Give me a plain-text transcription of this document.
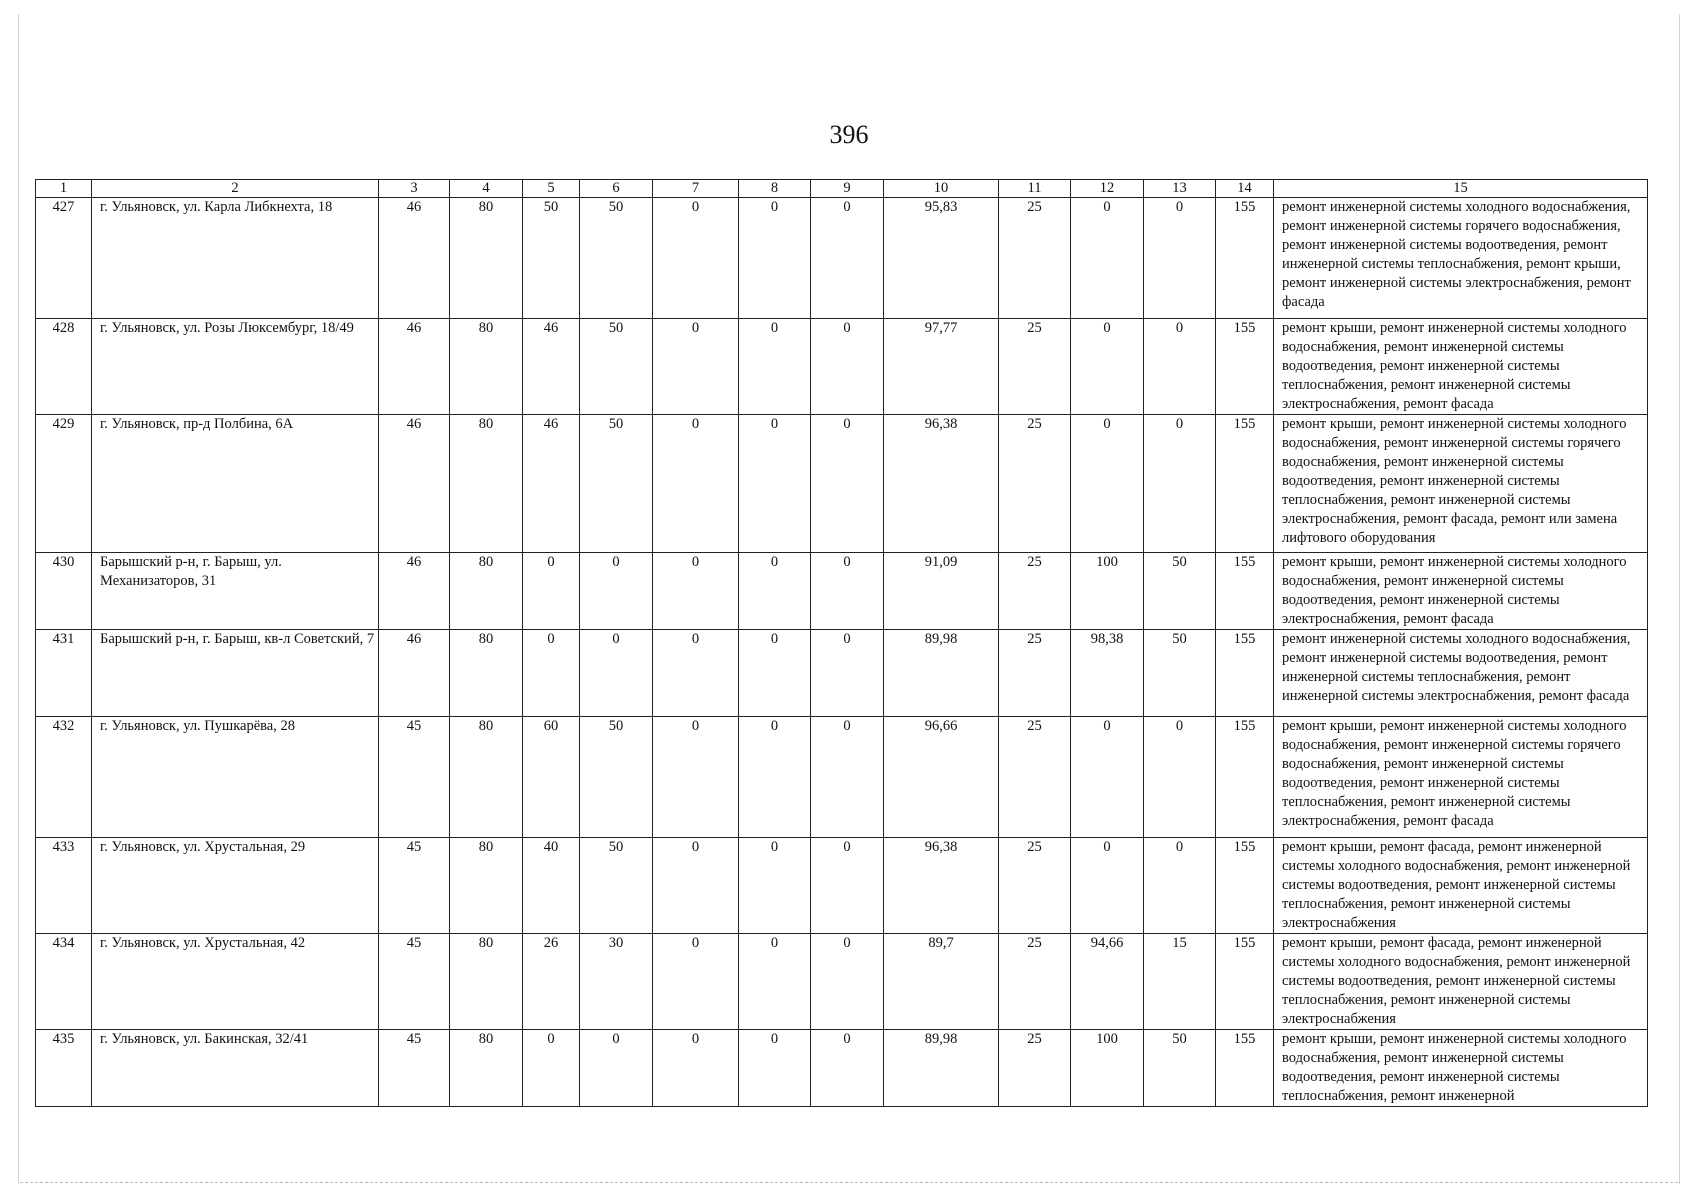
396
1	2	3	4	5	6	7	8	9	10	11	12	13	14	15
427	г. Ульяновск, ул. Карла Либкнехта, 18	46	80	50	50	0	0	0	95,83	25	0	0	155	ремонт инженерной системы холодного водоснабжения, ремонт инженерной системы горячего водоснабжения, ремонт инженерной системы водоотведения, ремонт инженерной системы теплоснабжения, ремонт крыши, ремонт инженерной системы электроснабжения, ремонт фасада
428	г. Ульяновск, ул. Розы Люксембург, 18/49	46	80	46	50	0	0	0	97,77	25	0	0	155	ремонт крыши, ремонт инженерной системы холодного водоснабжения, ремонт инженерной системы водоотведения, ремонт инженерной системы теплоснабжения, ремонт инженерной системы электроснабжения, ремонт фасада
429	г. Ульяновск, пр-д Полбина, 6А	46	80	46	50	0	0	0	96,38	25	0	0	155	ремонт крыши, ремонт инженерной системы холодного водоснабжения, ремонт инженерной системы горячего водоснабжения, ремонт инженерной системы водоотведения, ремонт инженерной системы теплоснабжения, ремонт инженерной системы электроснабжения, ремонт фасада, ремонт или замена лифтового оборудования
430	Барышский р-н, г. Барыш, ул. Механизаторов, 31	46	80	0	0	0	0	0	91,09	25	100	50	155	ремонт крыши, ремонт инженерной системы холодного водоснабжения, ремонт инженерной системы водоотведения, ремонт инженерной системы электроснабжения, ремонт фасада
431	Барышский р-н, г. Барыш, кв-л Советский, 7	46	80	0	0	0	0	0	89,98	25	98,38	50	155	ремонт инженерной системы холодного водоснабжения, ремонт инженерной системы водоотведения, ремонт инженерной системы теплоснабжения, ремонт инженерной системы электроснабжения, ремонт фасада
432	г. Ульяновск, ул. Пушкарёва, 28	45	80	60	50	0	0	0	96,66	25	0	0	155	ремонт крыши, ремонт инженерной системы холодного водоснабжения, ремонт инженерной системы горячего водоснабжения, ремонт инженерной системы водоотведения, ремонт инженерной системы теплоснабжения, ремонт инженерной системы электроснабжения, ремонт фасада
433	г. Ульяновск, ул. Хрустальная, 29	45	80	40	50	0	0	0	96,38	25	0	0	155	ремонт крыши, ремонт фасада, ремонт инженерной системы холодного водоснабжения, ремонт инженерной системы водоотведения, ремонт инженерной системы теплоснабжения, ремонт инженерной системы электроснабжения
434	г. Ульяновск, ул. Хрустальная, 42	45	80	26	30	0	0	0	89,7	25	94,66	15	155	ремонт крыши, ремонт фасада, ремонт инженерной системы холодного водоснабжения, ремонт инженерной системы водоотведения, ремонт инженерной системы теплоснабжения, ремонт инженерной системы электроснабжения
435	г. Ульяновск, ул. Бакинская, 32/41	45	80	0	0	0	0	0	89,98	25	100	50	155	ремонт крыши, ремонт инженерной системы холодного водоснабжения, ремонт инженерной системы водоотведения, ремонт инженерной системы теплоснабжения, ремонт инженерной
